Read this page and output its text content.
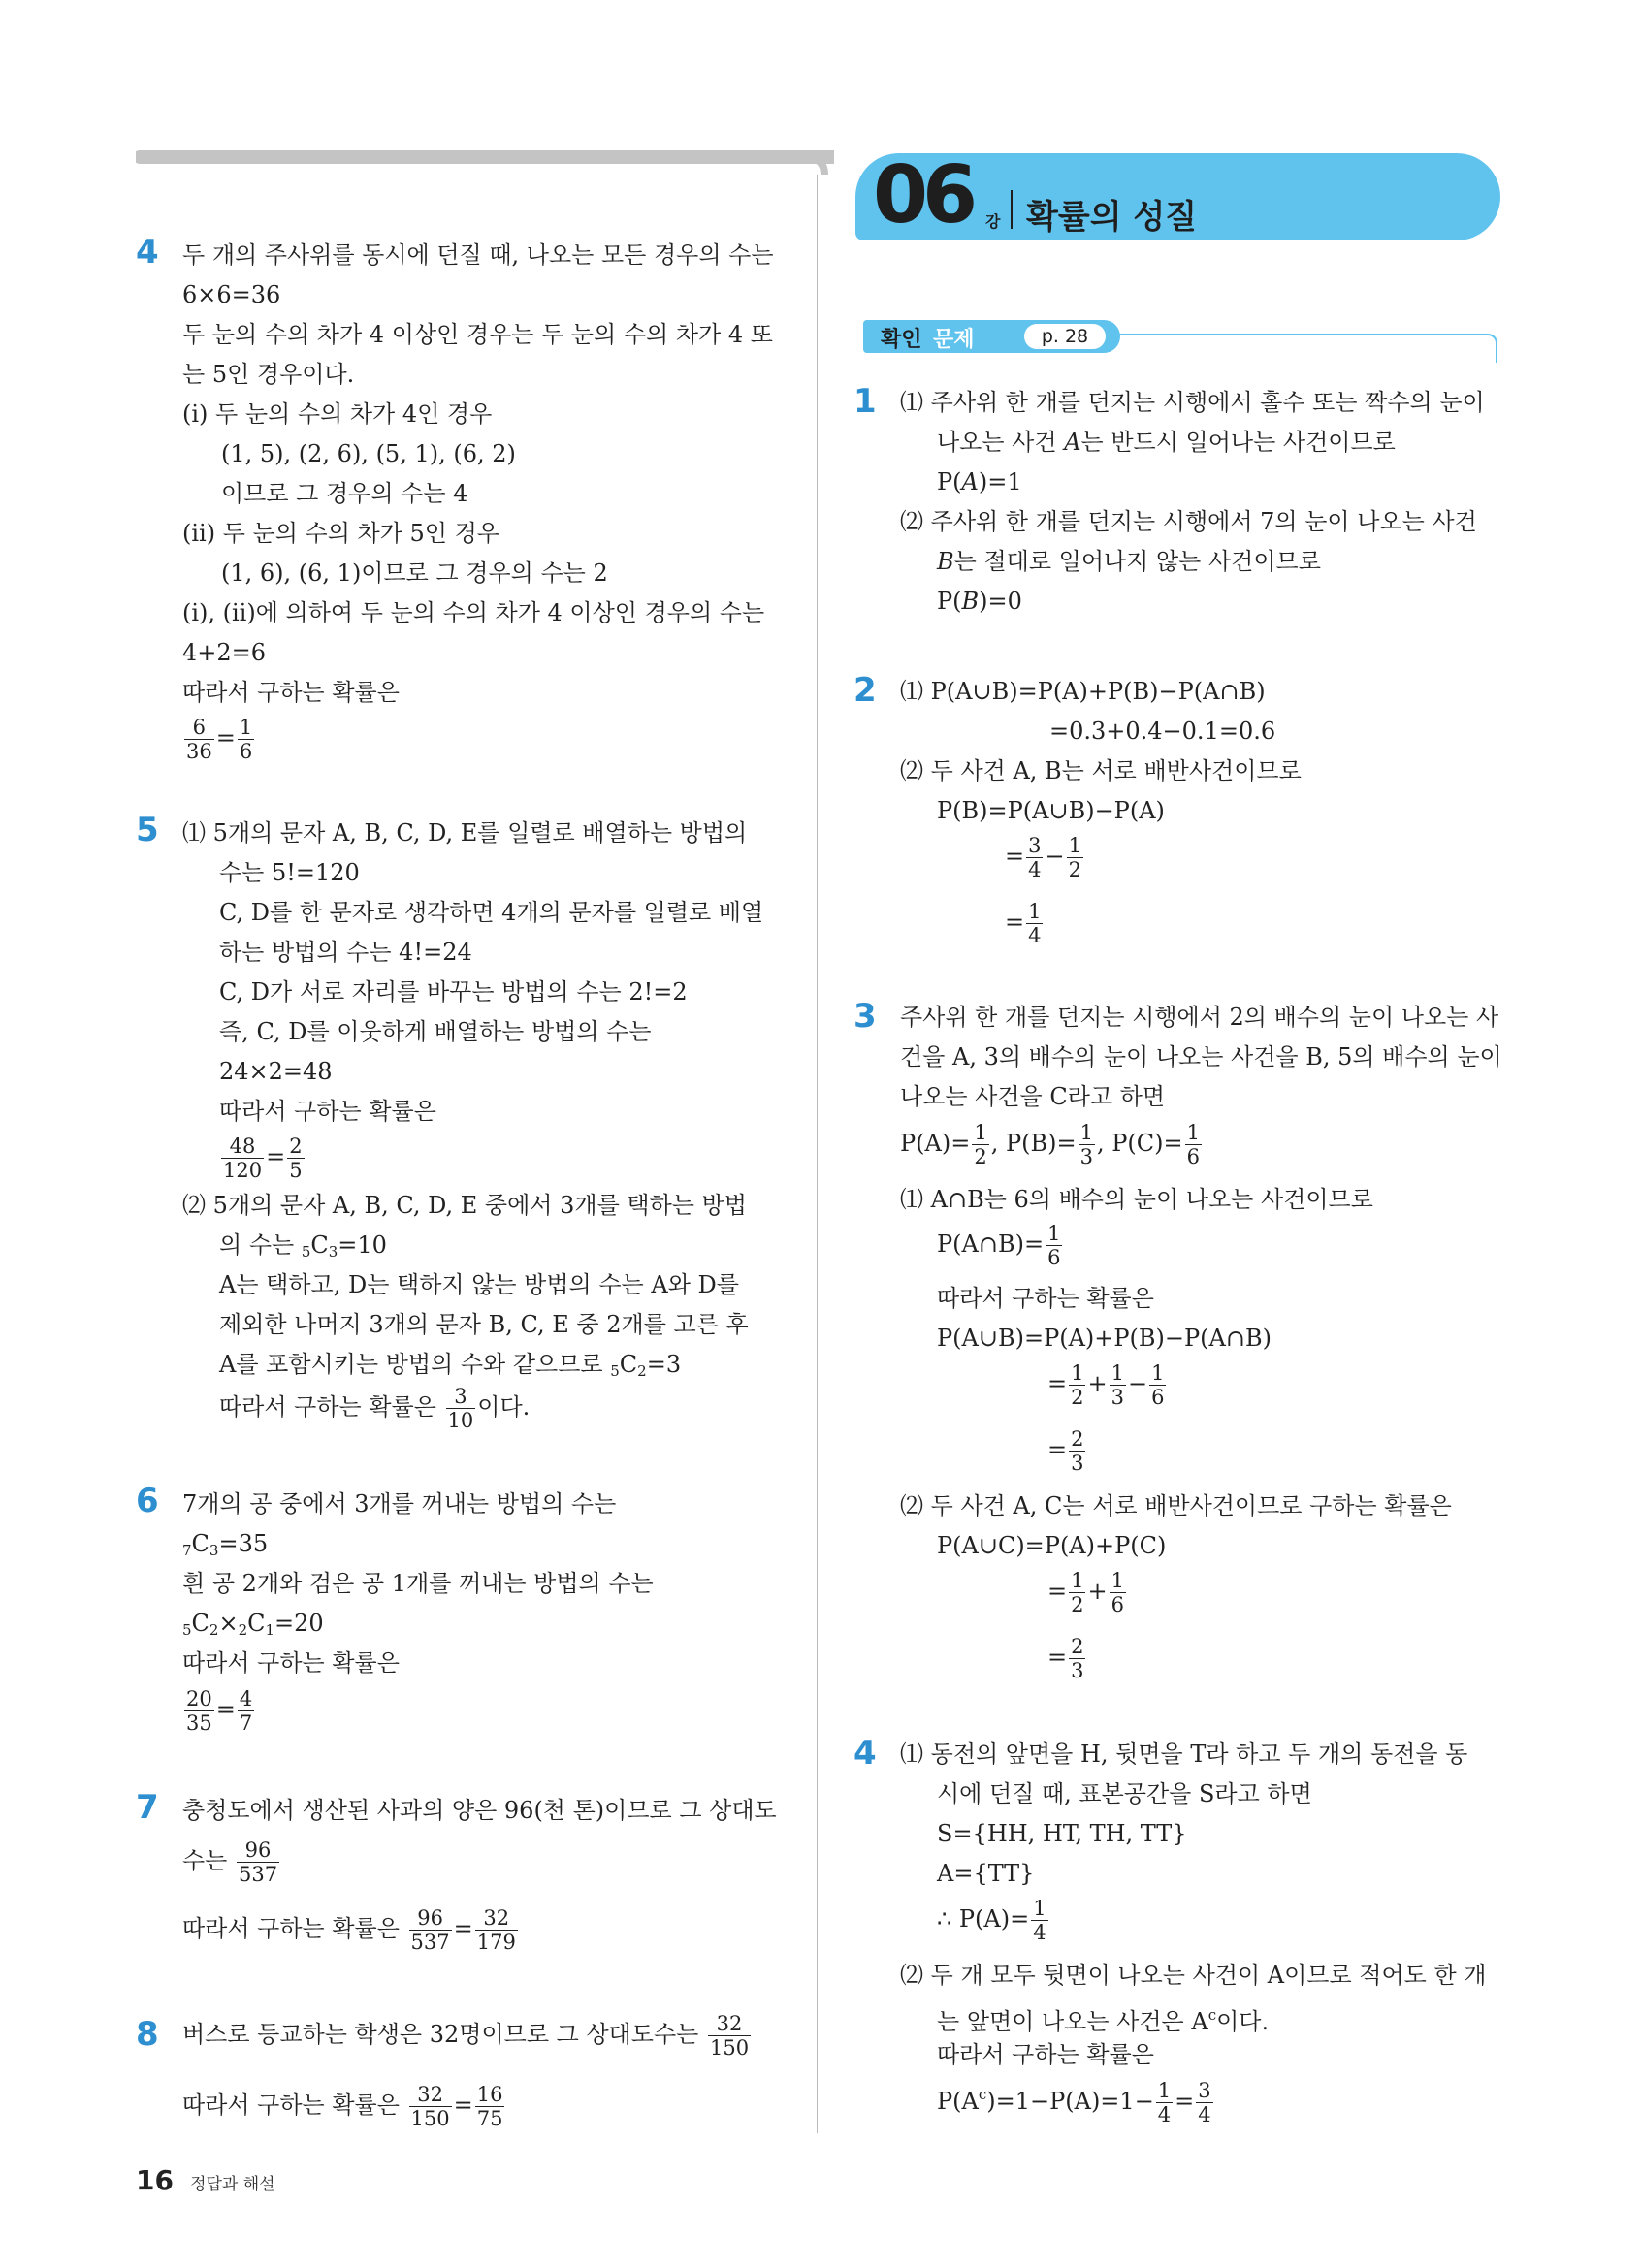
06 강 확률의 성질
확인 문제	p. 28
4 두 개의 주사위를 동시에 던질 때, 나오는 모든 경우의 수는
6×6=36
두 눈의 수의 차가 4 이상인 경우는 두 눈의 수의 차가 4 또
는 5인 경우이다.
(ⅰ) 두 눈의 수의 차가 4인 경우
(1, 5), (2, 6), (5, 1), (6, 2)
이므로 그 경우의 수는 4
(ⅱ) 두 눈의 수의 차가 5인 경우
(1, 6), (6, 1)이므로 그 경우의 수는 2
(ⅰ), (ⅱ)에 의하여 두 눈의 수의 차가 4 이상인 경우의 수는
4+2=6
따라서 구하는 확률은
$\frac{6}{36} = \frac{1}{6}$
5 ⑴ 5개의 문자 A, B, C, D, E를 일렬로 배열하는 방법의
수는 5!=120
C, D를 한 문자로 생각하면 4개의 문자를 일렬로 배열
하는 방법의 수는 4!=24
C, D가 서로 자리를 바꾸는 방법의 수는 2!=2
즉, C, D를 이웃하게 배열하는 방법의 수는
24×2=48
따라서 구하는 확률은
$\frac{48}{120} = \frac{2}{5}$
⑵ 5개의 문자 A, B, C, D, E 중에서 3개를 택하는 방법
의 수는 $_5C_3=10$
A는 택하고, D는 택하지 않는 방법의 수는 A와 D를
제외한 나머지 3개의 문자 B, C, E 중 2개를 고른 후
A를 포함시키는 방법의 수와 같으므로 $_5C_2=3$
따라서 구하는 확률은 $\frac{3}{10}$ 이다.
6 7개의 공 중에서 3개를 꺼내는 방법의 수는
$_7C_3=35$
흰 공 2개와 검은 공 1개를 꺼내는 방법의 수는
$_5C_2\times_2C_1=20$
따라서 구하는 확률은
$\frac{20}{35} = \frac{4}{7}$
7 충청도에서 생산된 사과의 양은 96(천 톤)이므로 그 상대도
수는 $\frac{96}{537}$
따라서 구하는 확률은 $\frac{96}{537} = \frac{32}{179}$
8 버스로 등교하는 학생은 32명이므로 그 상대도수는 $\frac{32}{150}$
따라서 구하는 확률은 $\frac{32}{150} = \frac{16}{75}$
1 ⑴ 주사위 한 개를 던지는 시행에서 홀수 또는 짝수의 눈이
나오는 사건 A는 반드시 일어나는 사건이므로
P(A)=1
⑵ 주사위 한 개를 던지는 시행에서 7의 눈이 나오는 사건
B는 절대로 일어나지 않는 사건이므로
P(B)=0
2 ⑴ P(A∪B)=P(A)+P(B)−P(A∩B)
=0.3+0.4−0.1=0.6
⑵ 두 사건 A, B는 서로 배반사건이므로
P(B)=P(A∪B)−P(A)
= $\frac{3}{4} - \frac{1}{2}$
= $\frac{1}{4}$
3 주사위 한 개를 던지는 시행에서 2의 배수의 눈이 나오는 사
건을 A, 3의 배수의 눈이 나오는 사건을 B, 5의 배수의 눈이
나오는 사건을 C라고 하면
$P(A)= \frac{1}{2}$ , $P(B)= \frac{1}{3}$ , $P(C)= \frac{1}{6}$
⑴ A∩B는 6의 배수의 눈이 나오는 사건이므로
P(A∩B)= $\frac{1}{6}$
따라서 구하는 확률은
P(A∪B)=P(A)+P(B)−P(A∩B)
= $\frac{1}{2} + \frac{1}{3} - \frac{1}{6}$
= $\frac{2}{3}$
⑵ 두 사건 A, C는 서로 배반사건이므로 구하는 확률은
P(A∪C)=P(A)+P(C)
= $\frac{1}{2} + \frac{1}{6}$
= $\frac{2}{3}$
4 ⑴ 동전의 앞면을 H, 뒷면을 T라 하고 두 개의 동전을 동
시에 던질 때, 표본공간을 S라고 하면
S={HH, HT, TH, TT}
A={TT}
∴ $P(A)= \frac{1}{4}$
⑵ 두 개 모두 뒷면이 나오는 사건이 A이므로 적어도 한 개
는 앞면이 나오는 사건은 $A^c$이다.
따라서 구하는 확률은
$P(A^c)=1-P(A)=1- \frac{1}{4} = \frac{3}{4}$
16 정답과 해설
